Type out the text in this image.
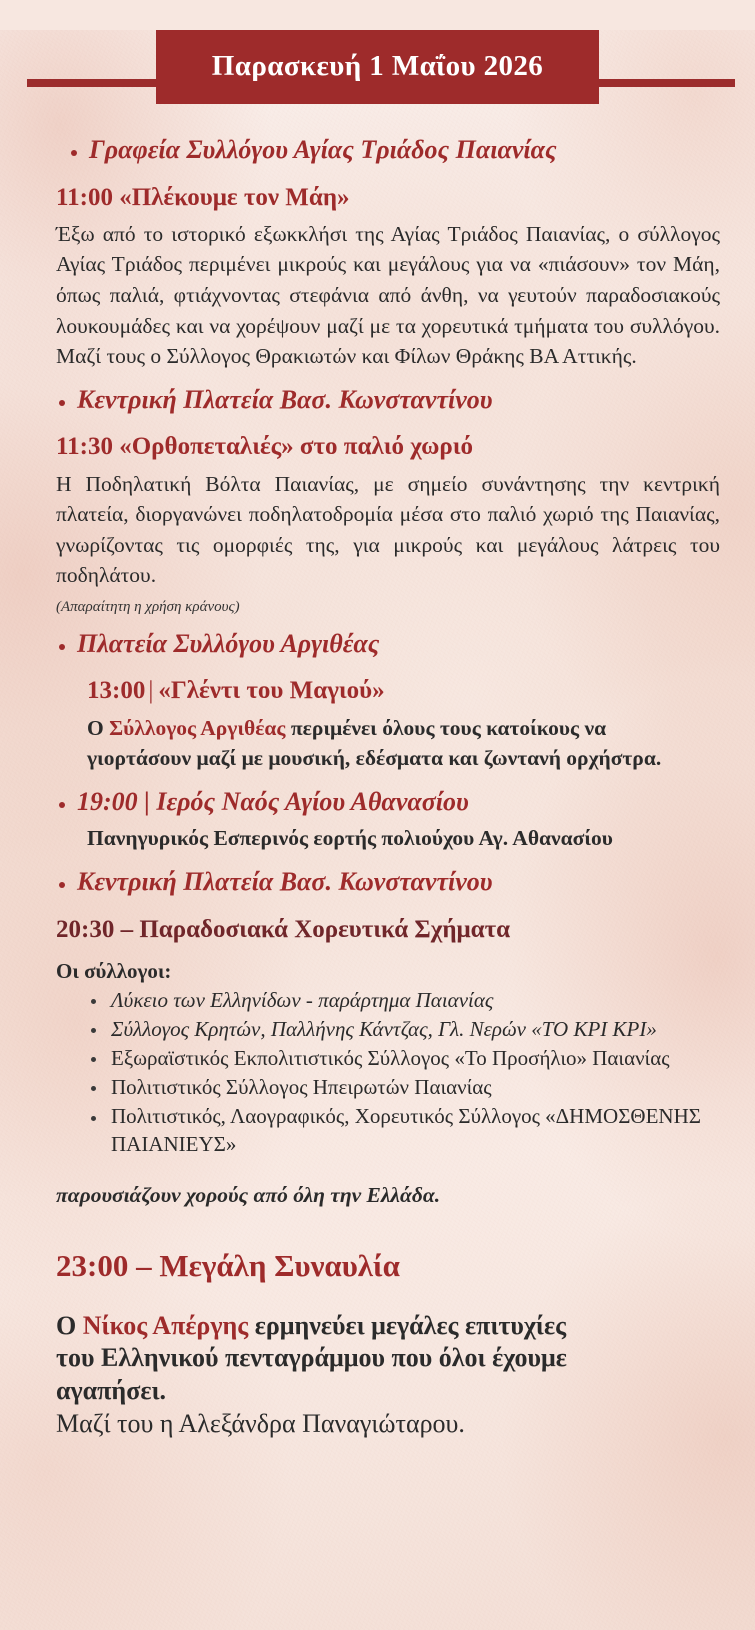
Παρασκευή 1 Μαΐου 2026
Γραφεία Συλλόγου Αγίας Τριάδος Παιανίας
11:00 «Πλέκουμε τον Μάη»

Έξω από το ιστορικό εξωκκλήσι της Αγίας Τριάδος Παιανίας, ο σύλλογος Αγίας Τριάδος περιμένει μικρούς και μεγάλους για να «πιάσουν» τον Μάη, όπως παλιά, φτιάχνοντας στεφάνια από άνθη, να γευτούν παραδοσιακούς λουκουμάδες και να χορέψουν μαζί με τα χορευτικά τμήματα του συλλόγου. Μαζί τους ο Σύλλογος Θρακιωτών και Φίλων Θράκης ΒΑ Αττικής.

Κεντρική Πλατεία Βασ. Κωνσταντίνου
11:30 «Ορθοπεταλιές» στο παλιό χωριό

Η Ποδηλατική Βόλτα Παιανίας, με σημείο συνάντησης την κεντρική πλατεία, διοργανώνει ποδηλατοδρομία μέσα στο παλιό χωριό της Παιανίας, γνωρίζοντας τις ομορφιές της, για μικρούς και μεγάλους λάτρεις του ποδηλάτου.

(Απαραίτητη η χρήση κράνους)

Πλατεία Συλλόγου Αργιθέας
13:00 | «Γλέντι του Μαγιού»

Ο Σύλλογος Αργιθέας περιμένει όλους τους κατοίκους να γιορτάσουν μαζί με μουσική, εδέσματα και ζωντανή ορχήστρα.

19:00 | Ιερός Ναός Αγίου Αθανασίου

Πανηγυρικός Εσπερινός εορτής πολιούχου Αγ. Αθανασίου

Κεντρική Πλατεία Βασ. Κωνσταντίνου
20:30 – Παραδοσιακά Χορευτικά Σχήματα
Οι σύλλογοι:
Λύκειο των Ελληνίδων - παράρτημα Παιανίας
Σύλλογος Κρητών, Παλλήνης Κάντζας, Γλ. Νερών «ΤΟ ΚΡΙ ΚΡΙ»
Εξωραϊστικός Εκπολιτιστικός Σύλλογος «Το Προσήλιο» Παιανίας
Πολιτιστικός Σύλλογος Ηπειρωτών Παιανίας
Πολιτιστικός, Λαογραφικός, Χορευτικός Σύλλογος «ΔΗΜΟΣΘΕΝΗΣ ΠΑΙΑΝΙΕΥΣ»

παρουσιάζουν χορούς από όλη την Ελλάδα.

23:00 – Μεγάλη Συναυλία

Ο Νίκος Απέργης ερμηνεύει μεγάλες επιτυχίες του Ελληνικού πενταγράμμου που όλοι έχουμε αγαπήσει.

Μαζί του η Αλεξάνδρα Παναγιώταρου.
